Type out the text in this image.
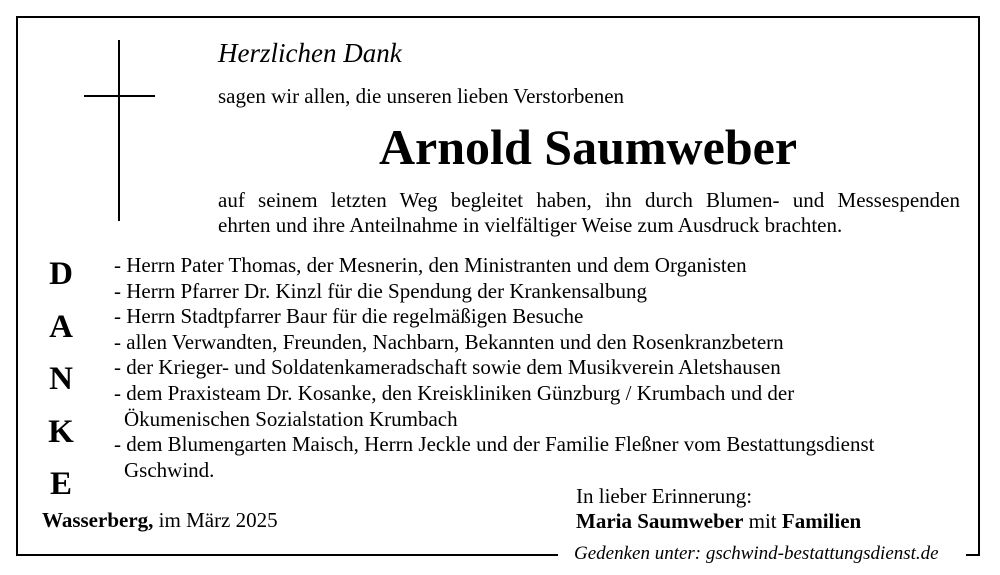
Herzlichen Dank
sagen wir allen, die unseren lieben Verstorbenen
Arnold Saumweber
auf seinem letzten Weg begleitet haben, ihn durch Blumen- und Messespenden
ehrten und ihre Anteilnahme in vielfältiger Weise zum Ausdruck brachten.
D
A
N
K
E
- Herrn Pater Thomas, der Mesnerin, den Ministranten und dem Organisten
- Herrn Pfarrer Dr. Kinzl für die Spendung der Krankensalbung
- Herrn Stadtpfarrer Baur für die regelmäßigen Besuche
- allen Verwandten, Freunden, Nachbarn, Bekannten und den Rosenkranzbetern
- der Krieger- und Soldatenkameradschaft sowie dem Musikverein Aletshausen
- dem Praxisteam Dr. Kosanke, den Kreiskliniken Günzburg / Krumbach und der
Ökumenischen Sozialstation Krumbach
- dem Blumengarten Maisch, Herrn Jeckle und der Familie Fleßner vom Bestattungsdienst
Gschwind.
Wasserberg, im März 2025
In lieber Erinnerung:
Maria Saumweber mit Familien
Gedenken unter: gschwind-bestattungsdienst.de
